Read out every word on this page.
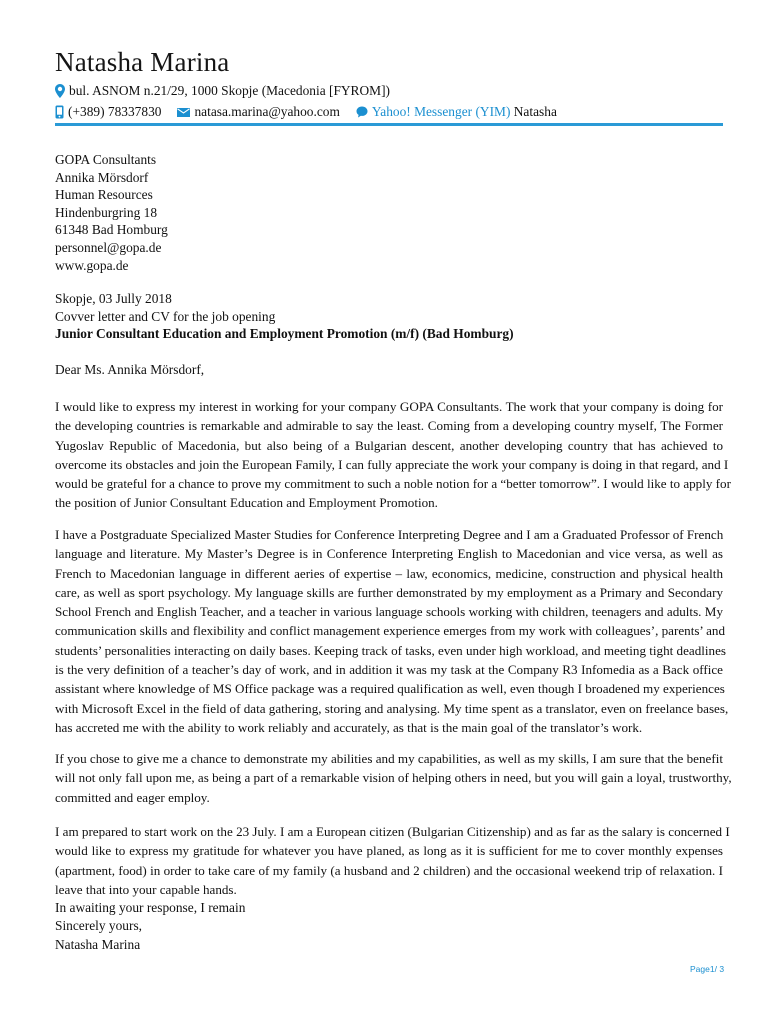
Natasha Marina
bul. ASNOM n.21/29, 1000 Skopje (Macedonia [FYROM])
(+389) 78337830 natasa.marina@yahoo.com Yahoo! Messenger (YIM)
Natasha

GOPA Consultants

Annika Mörsdorf

Human Resources

Hindenburgring 18

61348 Bad Homburg

personnel@gopa.de

www.gopa.de

Skopje, 03 Jully 2018

Covver letter and CV for the job opening

Junior Consultant Education and Employment Promotion (m/f) (Bad Homburg)

Dear Ms. Annika Mörsdorf,
I would like to express my interest in working for your company GOPA Consultants. The work that your company is doing for
the developing countries is remarkable and admirable to say the least. Coming from a developing country myself, The Former
Yugoslav Republic of Macedonia, but also being of a Bulgarian descent, another developing country that has achieved to
overcome its obstacles and join the European Family, I can fully appreciate the work your company is doing in that regard, and I
would be grateful for a chance to prove my commitment to such a noble notion for a “better tomorrow”. I would like to apply for
the position of Junior Consultant Education and Employment Promotion.
I have a Postgraduate Specialized Master Studies for Conference Interpreting Degree and I am a Graduated Professor of French
language and literature. My Master’s Degree is in Conference Interpreting English to Macedonian and vice versa, as well as
French to Macedonian language in different aeries of expertise – law, economics, medicine, construction and physical health
care, as well as sport psychology. My language skills are further demonstrated by my employment as a Primary and Secondary
School French and English Teacher, and a teacher in various language schools working with children, teenagers and adults. My
communication skills and flexibility and conflict management experience emerges from my work with colleagues’, parents’ and
students’ personalities interacting on daily bases. Keeping track of tasks, even under high workload, and meeting tight deadlines
is the very definition of a teacher’s day of work, and in addition it was my task at the Company R3 Infomedia as a Back office
assistant where knowledge of MS Office package was a required qualification as well, even though I broadened my experiences
with Microsoft Excel in the field of data gathering, storing and analysing. My time spent as a translator, even on freelance bases,
has accreted me with the ability to work reliably and accurately, as that is the main goal of the translator’s work.
If you chose to give me a chance to demonstrate my abilities and my capabilities, as well as my skills, I am sure that the benefit
will not only fall upon me, as being a part of a remarkable vision of helping others in need, but you will gain a loyal, trustworthy,
committed and eager employ.
I am prepared to start work on the 23 July. I am a European citizen (Bulgarian Citizenship) and as far as the salary is concerned I
would like to express my gratitude for whatever you have planed, as long as it is sufficient for me to cover monthly expenses
(apartment, food) in order to take care of my family (a husband and 2 children) and the occasional weekend trip of relaxation. I
leave that into your capable hands.

In awaiting your response, I remain

Sincerely yours,

Natasha Marina

Page1/ 3
